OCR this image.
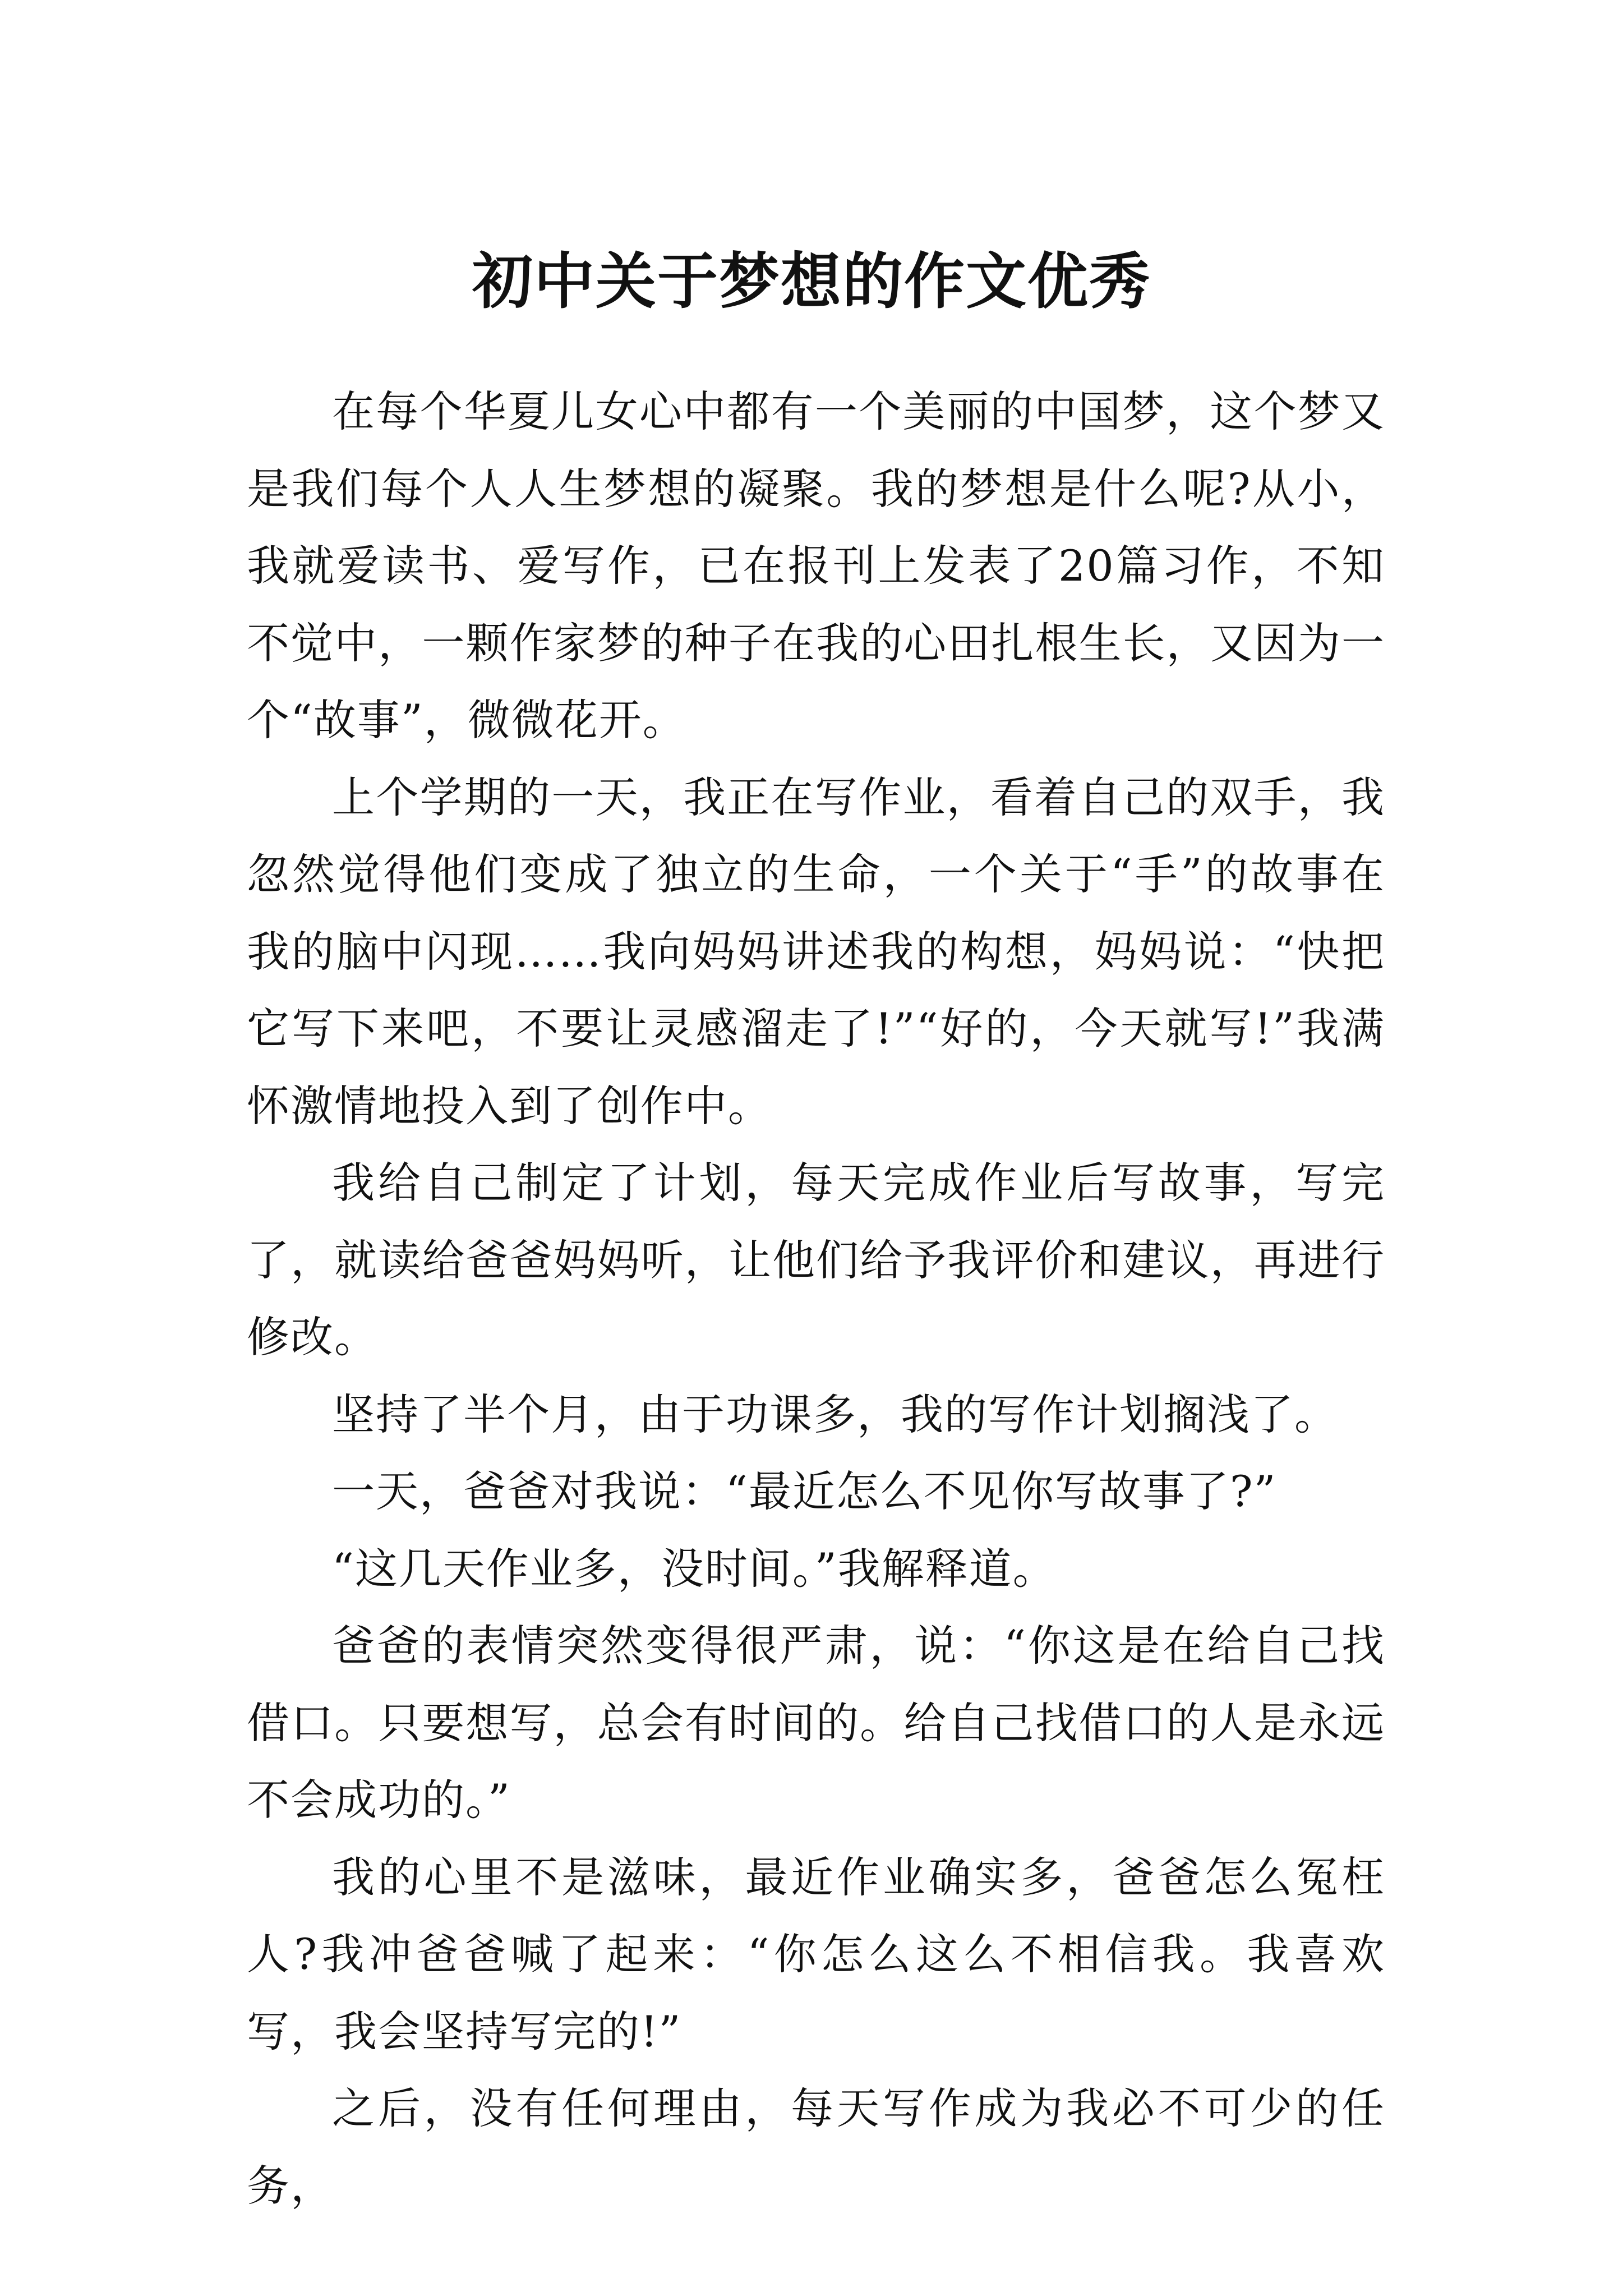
初中关于梦想的作文优秀

在每个华夏儿女心中都有一个美丽的中国梦，这个梦又是我们每个人人生梦想的凝聚。我的梦想是什么呢?从小，我就爱读书、爱写作，已在报刊上发表了20篇习作，不知不觉中，一颗作家梦的种子在我的心田扎根生长，又因为一个“故事”，微微花开。

上个学期的一天，我正在写作业，看着自己的双手，我忽然觉得他们变成了独立的生命，一个关于“手”的故事在我的脑中闪现……我向妈妈讲述我的构想，妈妈说：“快把它写下来吧，不要让灵感溜走了!”“好的，今天就写!”我满怀激情地投入到了创作中。

我给自己制定了计划，每天完成作业后写故事，写完了，就读给爸爸妈妈听，让他们给予我评价和建议，再进行修改。

坚持了半个月，由于功课多，我的写作计划搁浅了。

一天，爸爸对我说：“最近怎么不见你写故事了?”

“这几天作业多，没时间。”我解释道。

爸爸的表情突然变得很严肃，说：“你这是在给自己找借口。只要想写，总会有时间的。给自己找借口的人是永远不会成功的。”

我的心里不是滋味，最近作业确实多，爸爸怎么冤枉人?我冲爸爸喊了起来：“你怎么这么不相信我。我喜欢写，我会坚持写完的!”

之后，没有任何理由，每天写作成为我必不可少的任务，
